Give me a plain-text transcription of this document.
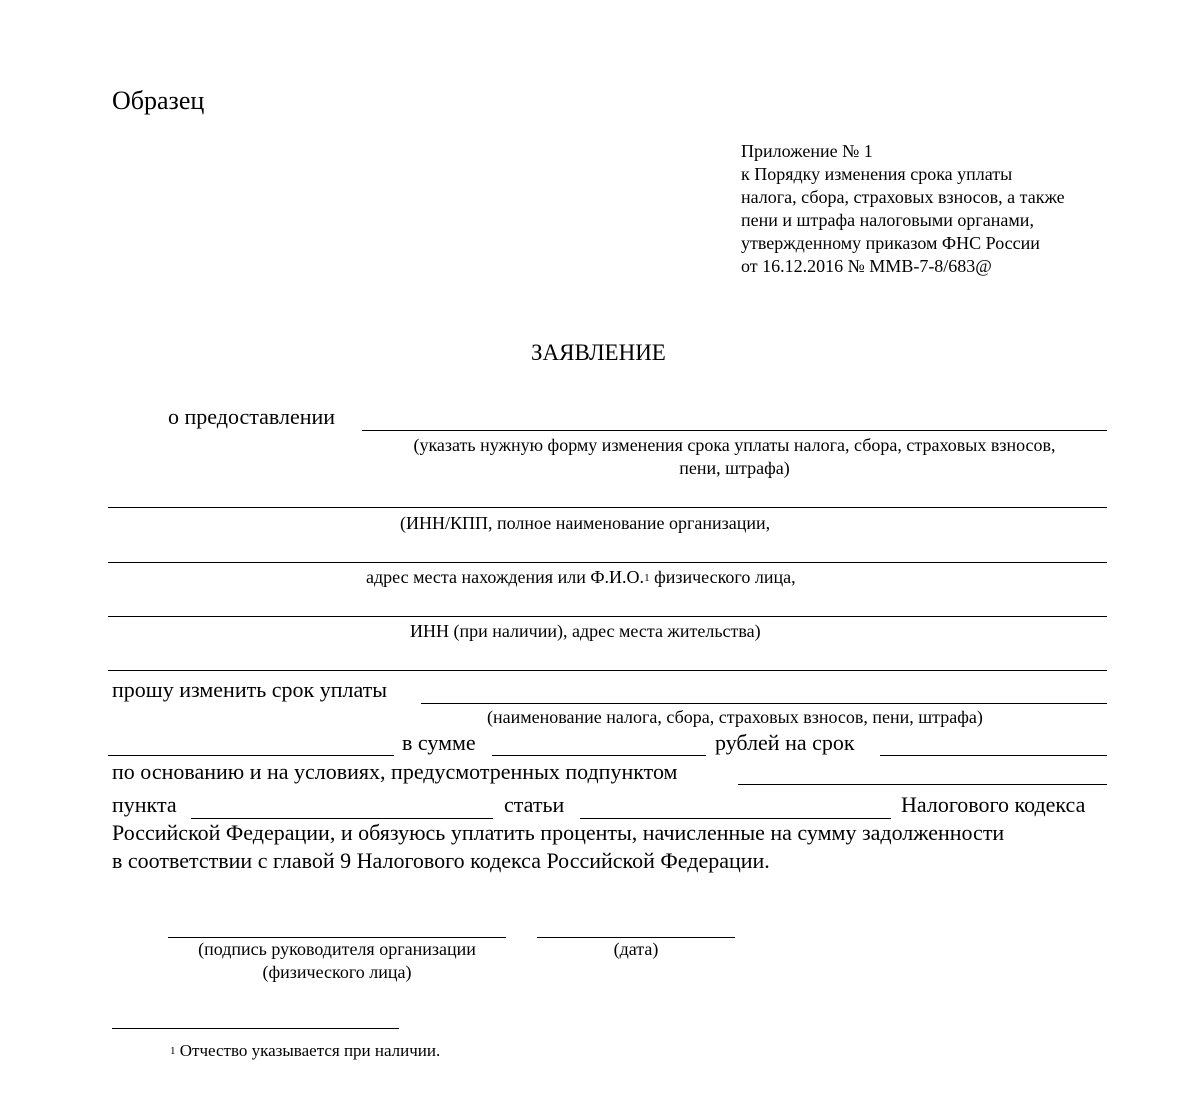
Образец
Приложение № 1
к Порядку изменения срока уплаты
налога, сбора, страховых взносов, а также
пени и штрафа налоговыми органами,
утвержденному приказом ФНС России
от 16.12.2016 № ММВ-7-8/683@
ЗАЯВЛЕНИЕ
о предоставлении
(указать нужную форму изменения срока уплаты налога, сбора, страховых взносов,
пени, штрафа)
(ИНН/КПП, полное наименование организации,
адрес места нахождения или Ф.И.О.$^1$ физического лица,
ИНН (при наличии), адрес места жительства)
прошу изменить срок уплаты
(наименование налога, сбора, страховых взносов, пени, штрафа)
в сумме	рублей на срок
по основанию и на условиях, предусмотренных подпунктом
пункта	статьи	Налогового кодекса
Российской Федерации, и обязуюсь уплатить проценты, начисленные на сумму задолженности
в соответствии с главой 9 Налогового кодекса Российской Федерации.
(подпись руководителя организации
(физического лица)
(дата)
$^1$ Отчество указывается при наличии.
